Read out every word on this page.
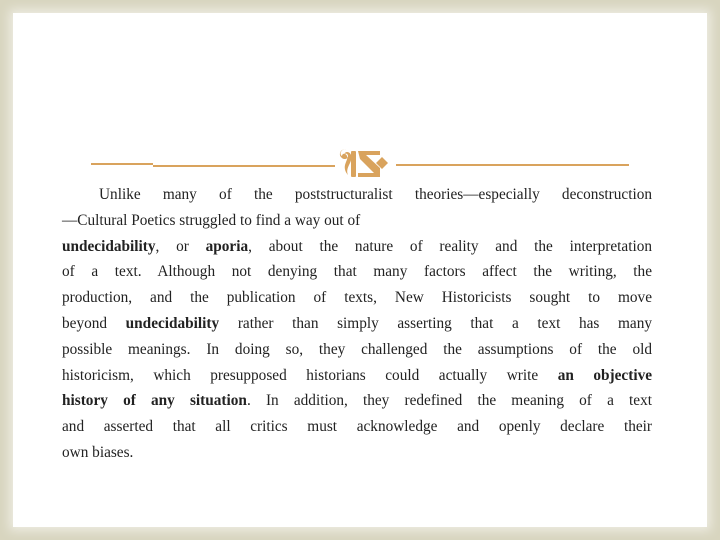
Unlike many of the poststructuralist theories—especially deconstruction
—Cultural Poetics struggled to find a way out of
undecidability, or aporia, about the nature of reality and the interpretation
of a text. Although not denying that many factors affect the writing, the
production, and the publication of texts, New Historicists sought to move
beyond undecidability rather than simply asserting that a text has many
possible meanings. In doing so, they challenged the assumptions of the old
historicism, which presupposed historians could actually write an objective
history of any situation. In addition, they redefined the meaning of a text
and asserted that all critics must acknowledge and openly declare their
own biases.
